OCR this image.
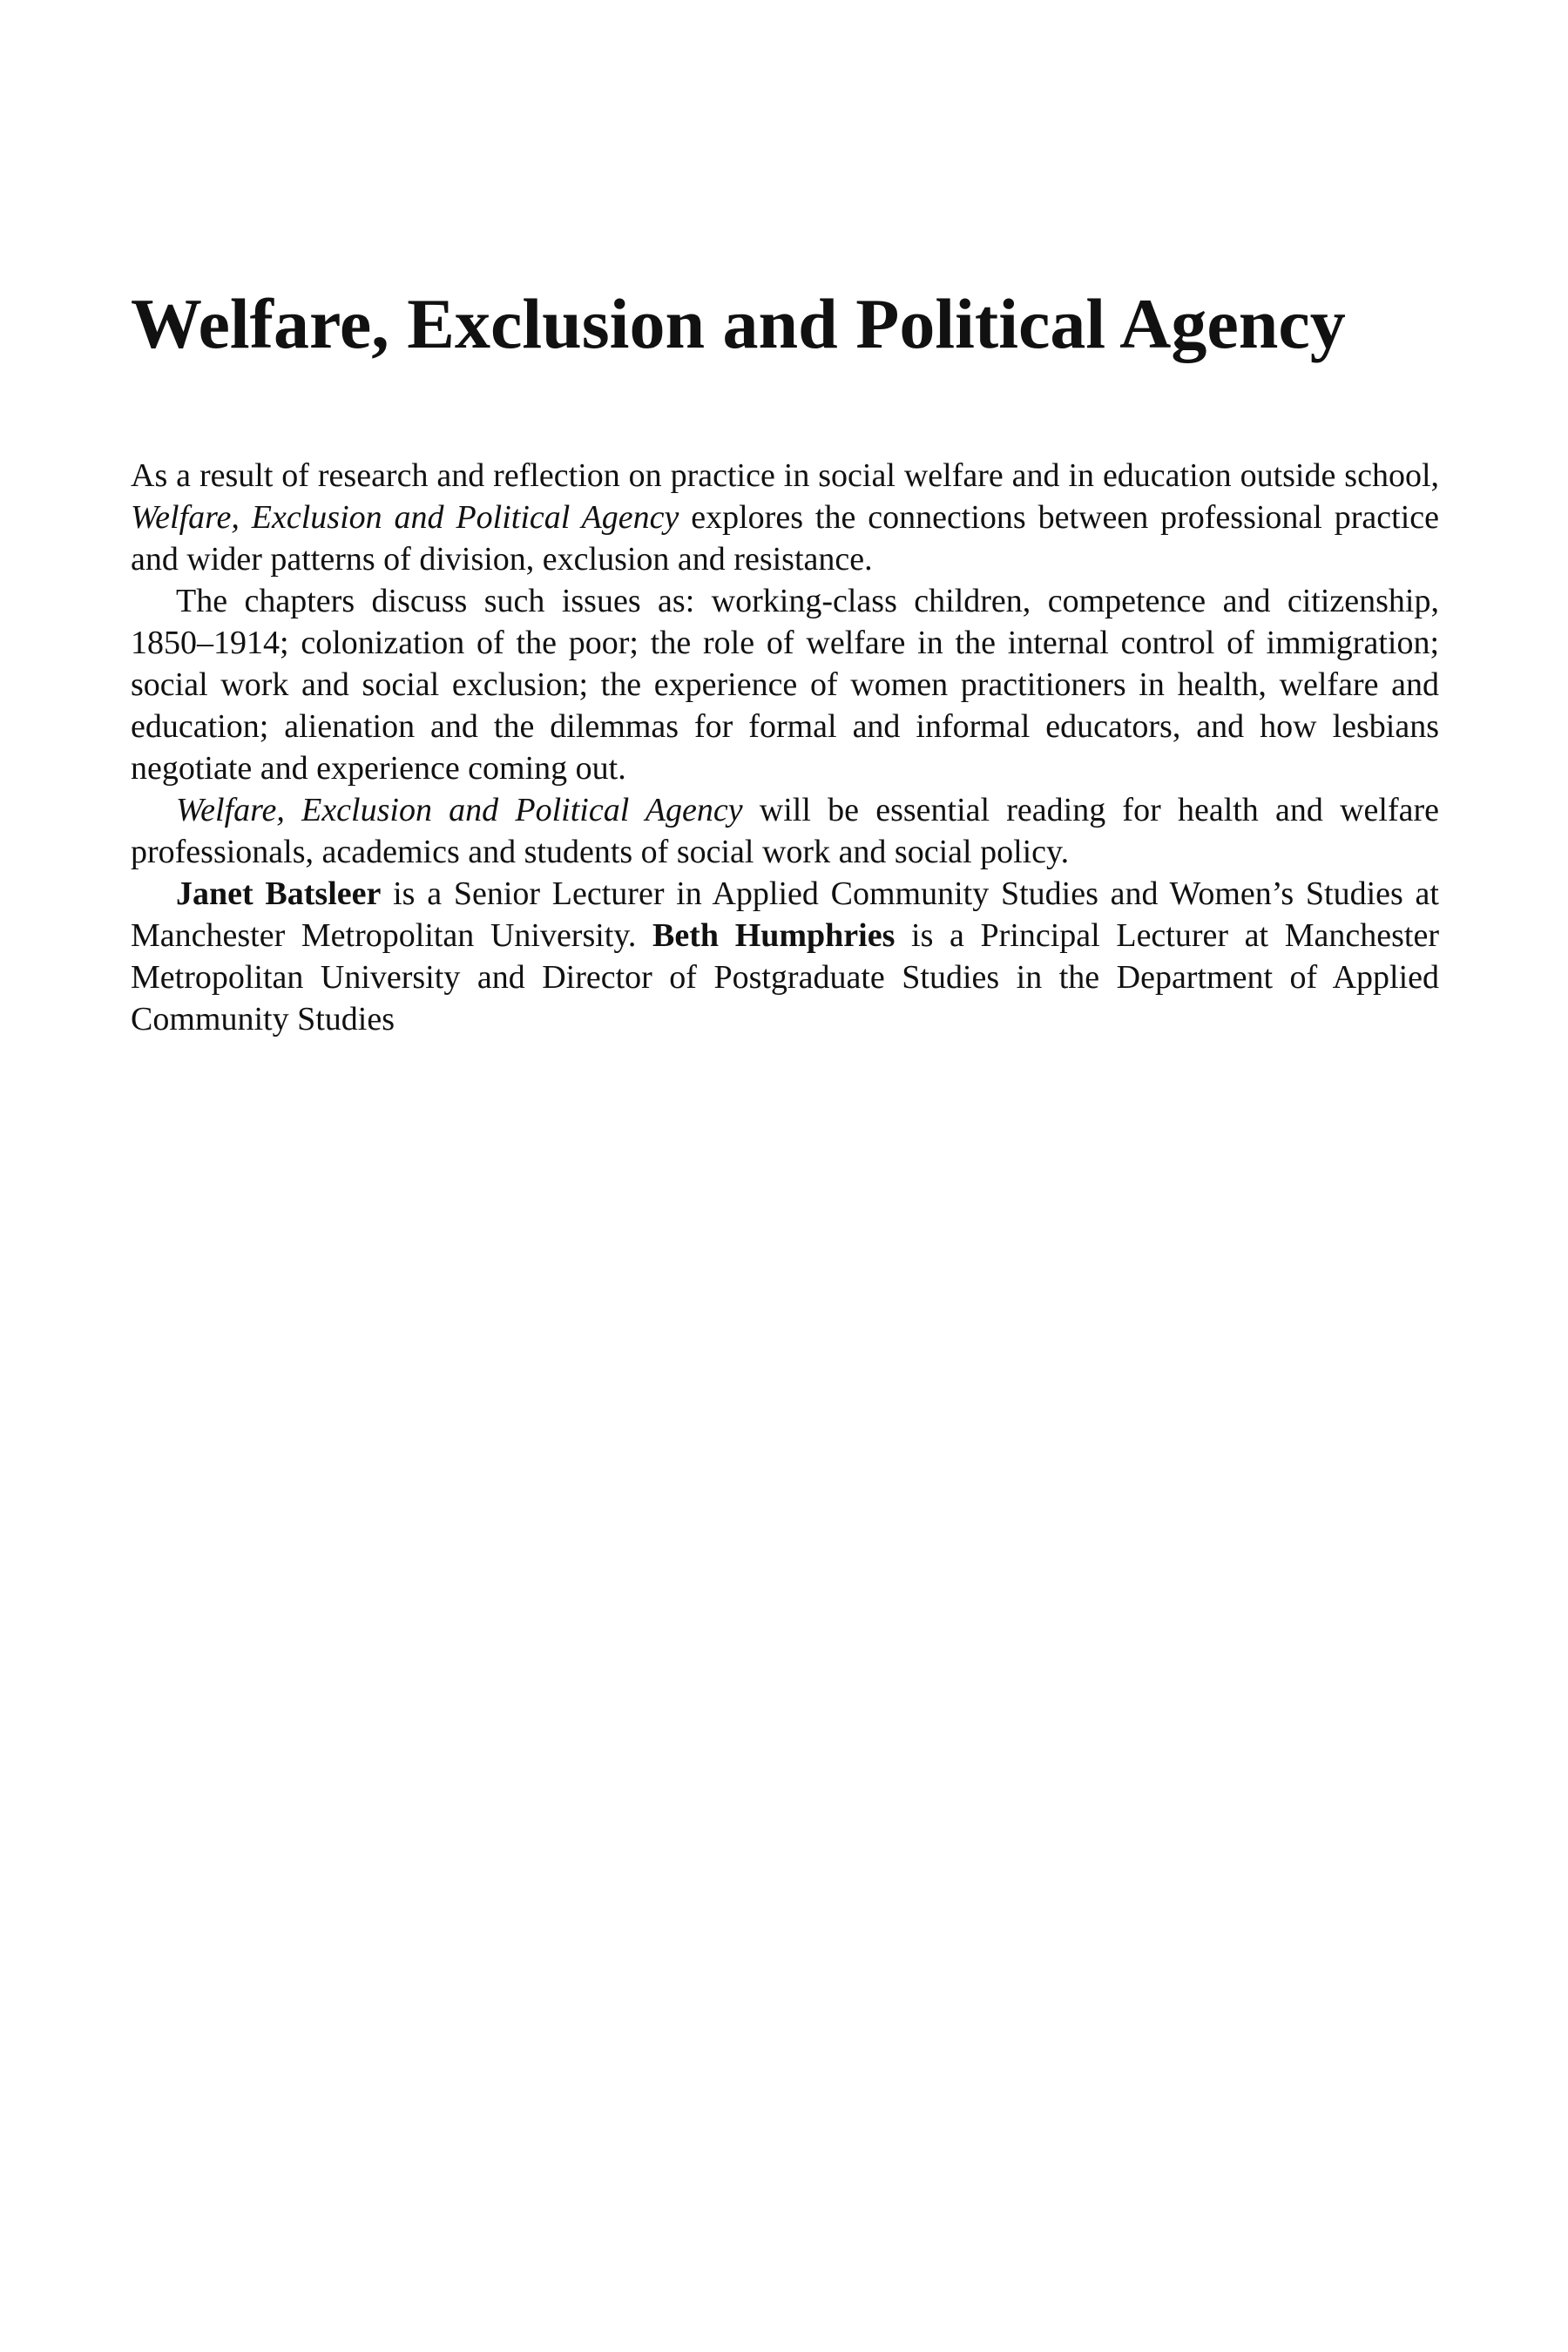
Welfare, Exclusion and Political Agency

As a result of research and reflection on practice in social welfare and in education outside school, Welfare, Exclusion and Political Agency explores the connections between professional practice and wider patterns of division, exclusion and resistance.

The chapters discuss such issues as: working-class children, competence and citizenship, 1850–1914; colonization of the poor; the role of welfare in the internal control of immigration; social work and social exclusion; the experience of women practitioners in health, welfare and education; alienation and the dilemmas for formal and informal educators, and how lesbians negotiate and experience coming out.

Welfare, Exclusion and Political Agency will be essential reading for health and welfare professionals, academics and students of social work and social policy.

Janet Batsleer is a Senior Lecturer in Applied Community Studies and Women’s Studies at Manchester Metropolitan University. Beth Humphries is a Principal Lecturer at Manchester Metropolitan University and Director of Postgraduate Studies in the Department of Applied Community Studies
